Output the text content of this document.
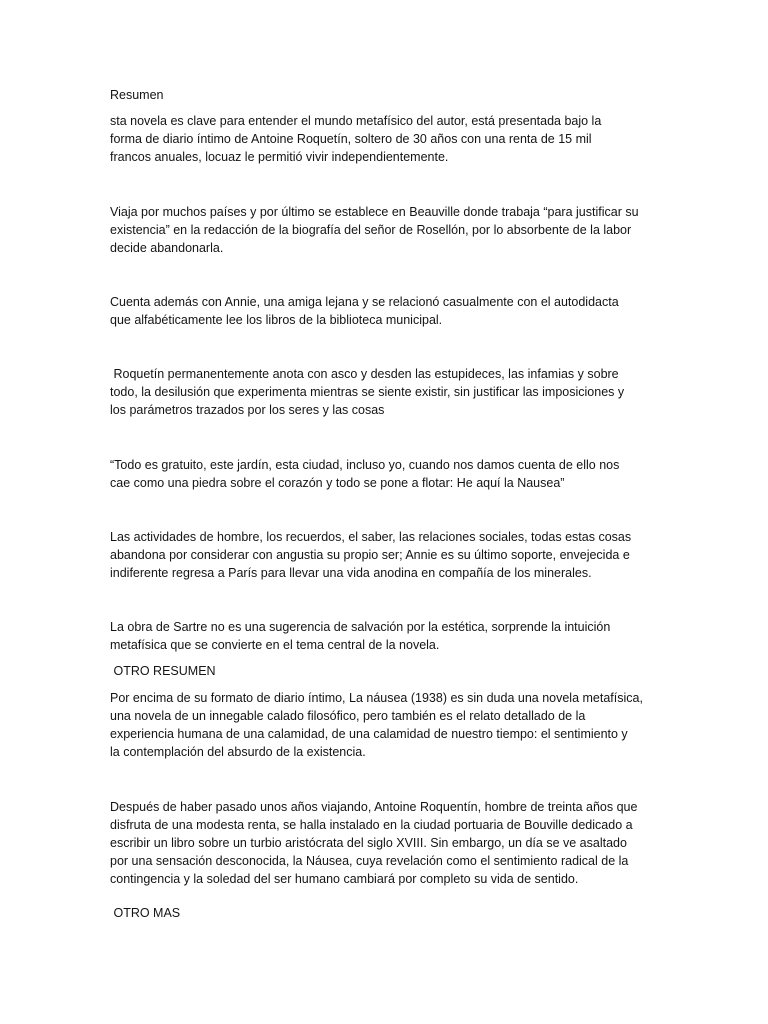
Resumen
sta novela es clave para entender el mundo metafísico del autor, está presentada bajo la
forma de diario íntimo de Antoine Roquetín, soltero de 30 años con una renta de 15 mil
francos anuales, locuaz le permitió vivir independientemente.
Viaja por muchos países y por último se establece en Beauville donde trabaja “para justificar su
existencia” en la redacción de la biografía del señor de Rosellón, por lo absorbente de la labor
decide abandonarla.
Cuenta además con Annie, una amiga lejana y se relacionó casualmente con el autodidacta
que alfabéticamente lee los libros de la biblioteca municipal.
Roquetín permanentemente anota con asco y desden las estupideces, las infamias y sobre
todo, la desilusión que experimenta mientras se siente existir, sin justificar las imposiciones y
los parámetros trazados por los seres y las cosas
“Todo es gratuito, este jardín, esta ciudad, incluso yo, cuando nos damos cuenta de ello nos
cae como una piedra sobre el corazón y todo se pone a flotar: He aquí la Nausea”
Las actividades de hombre, los recuerdos, el saber, las relaciones sociales, todas estas cosas
abandona por considerar con angustia su propio ser; Annie es su último soporte, envejecida e
indiferente regresa a París para llevar una vida anodina en compañía de los minerales.
La obra de Sartre no es una sugerencia de salvación por la estética, sorprende la intuición
metafísica que se convierte en el tema central de la novela.
OTRO RESUMEN
Por encima de su formato de diario íntimo, La náusea (1938) es sin duda una novela metafísica,
una novela de un innegable calado filosófico, pero también es el relato detallado de la
experiencia humana de una calamidad, de una calamidad de nuestro tiempo: el sentimiento y
la contemplación del absurdo de la existencia.
Después de haber pasado unos años viajando, Antoine Roquentín, hombre de treinta años que
disfruta de una modesta renta, se halla instalado en la ciudad portuaria de Bouville dedicado a
escribir un libro sobre un turbio aristócrata del siglo XVIII. Sin embargo, un día se ve asaltado
por una sensación desconocida, la Náusea, cuya revelación como el sentimiento radical de la
contingencia y la soledad del ser humano cambiará por completo su vida de sentido.
OTRO MAS
